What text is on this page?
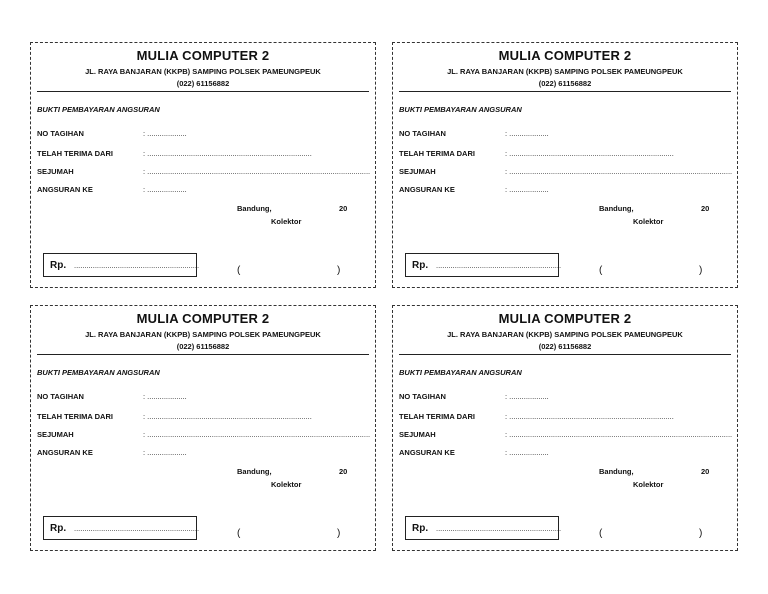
MULIA COMPUTER 2
JL. RAYA BANJARAN (KKPB) SAMPING POLSEK PAMEUNGPEUK
(022) 61156882
BUKTI PEMBAYARAN ANGSURAN
NO TAGIHAN	: ...................
TELAH TERIMA DARI	: ...............................................................................
SEJUMAH	: ...........................................................................................................
ANGSURAN KE	: ...................
Bandung,	20
Kolektor
Rp. ............................................................	(	)
MULIA COMPUTER 2
JL. RAYA BANJARAN (KKPB) SAMPING POLSEK PAMEUNGPEUK
(022) 61156882
BUKTI PEMBAYARAN ANGSURAN
NO TAGIHAN	: ...................
TELAH TERIMA DARI	: ...............................................................................
SEJUMAH	: ...........................................................................................................
ANGSURAN KE	: ...................
Bandung,	20
Kolektor
Rp. ............................................................	(	)
MULIA COMPUTER 2
JL. RAYA BANJARAN (KKPB) SAMPING POLSEK PAMEUNGPEUK
(022) 61156882
BUKTI PEMBAYARAN ANGSURAN
NO TAGIHAN	: ...................
TELAH TERIMA DARI	: ...............................................................................
SEJUMAH	: ...........................................................................................................
ANGSURAN KE	: ...................
Bandung,	20
Kolektor
Rp. ............................................................	(	)
MULIA COMPUTER 2
JL. RAYA BANJARAN (KKPB) SAMPING POLSEK PAMEUNGPEUK
(022) 61156882
BUKTI PEMBAYARAN ANGSURAN
NO TAGIHAN	: ...................
TELAH TERIMA DARI	: ...............................................................................
SEJUMAH	: ...........................................................................................................
ANGSURAN KE	: ...................
Bandung,	20
Kolektor
Rp. ............................................................	(	)
